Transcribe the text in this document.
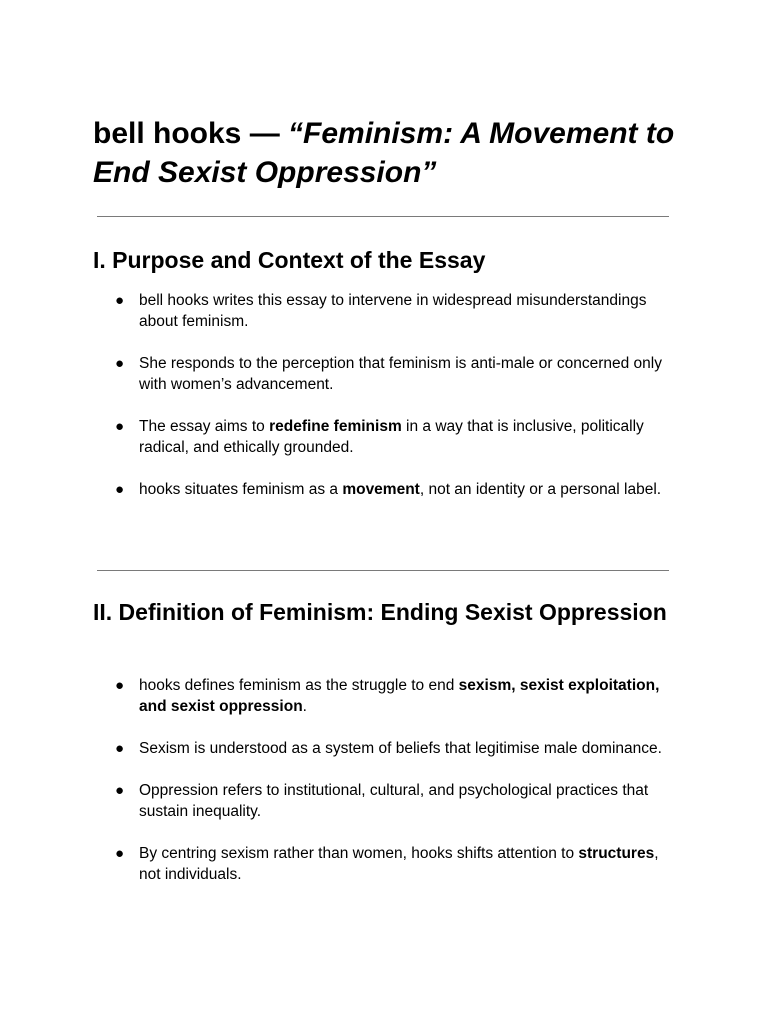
bell hooks — “Feminism: A Movement to End Sexist Oppression”
I. Purpose and Context of the Essay
● bell hooks writes this essay to intervene in widespread misunderstandings about feminism.
● She responds to the perception that feminism is anti-male or concerned only with women’s advancement.
● The essay aims to redefine feminism in a way that is inclusive, politically radical, and ethically grounded.
● hooks situates feminism as a movement, not an identity or a personal label.
II. Definition of Feminism: Ending Sexist Oppression
● hooks defines feminism as the struggle to end sexism, sexist exploitation, and sexist oppression.
● Sexism is understood as a system of beliefs that legitimise male dominance.
● Oppression refers to institutional, cultural, and psychological practices that sustain inequality.
● By centring sexism rather than women, hooks shifts attention to structures, not individuals.
